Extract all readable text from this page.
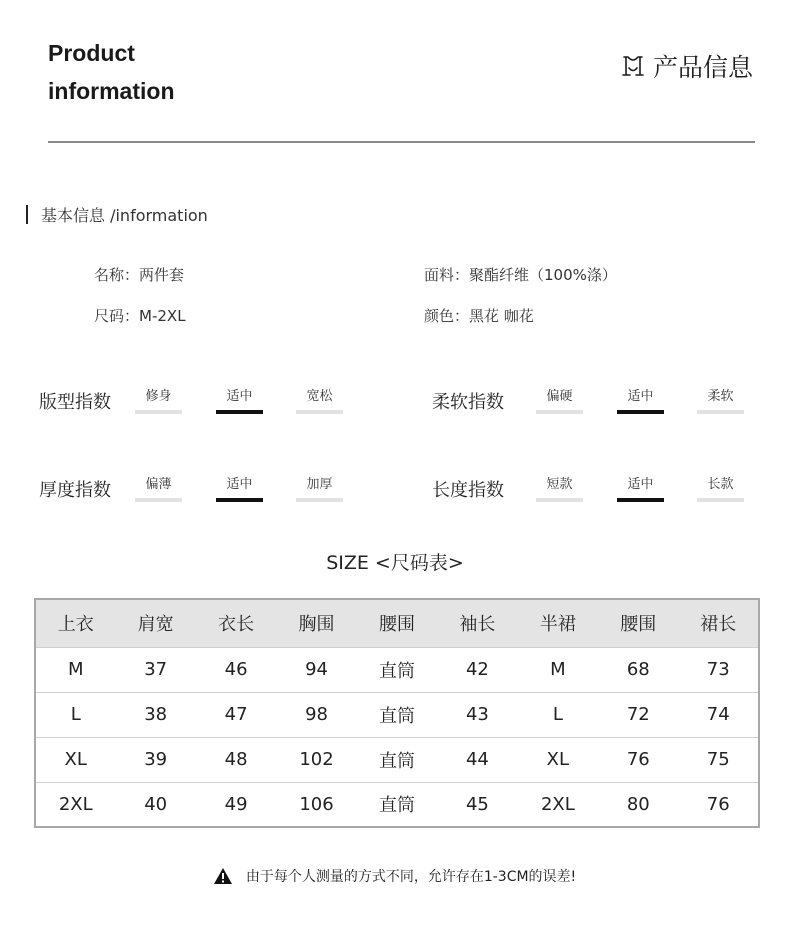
Product
information
产品信息
基本信息 /information
名称：两件套	面料：聚酯纤维（100%涤）
尺码：M-2XL	颜色：黑花 咖花
版型指数	修身	适中	宽松	柔软指数	偏硬	适中	柔软
厚度指数	偏薄	适中	加厚	长度指数	短款	适中	长款
SIZE <尺码表>
上衣	肩宽	衣长	胸围	腰围	袖长	半裙	腰围	裙长
M	37	46	94	直筒	42	M	68	73
L	38	47	98	直筒	43	L	72	74
XL	39	48	102	直筒	44	XL	76	75
2XL	40	49	106	直筒	45	2XL	80	76
由于每个人测量的方式不同，允许存在1-3CM的误差!
